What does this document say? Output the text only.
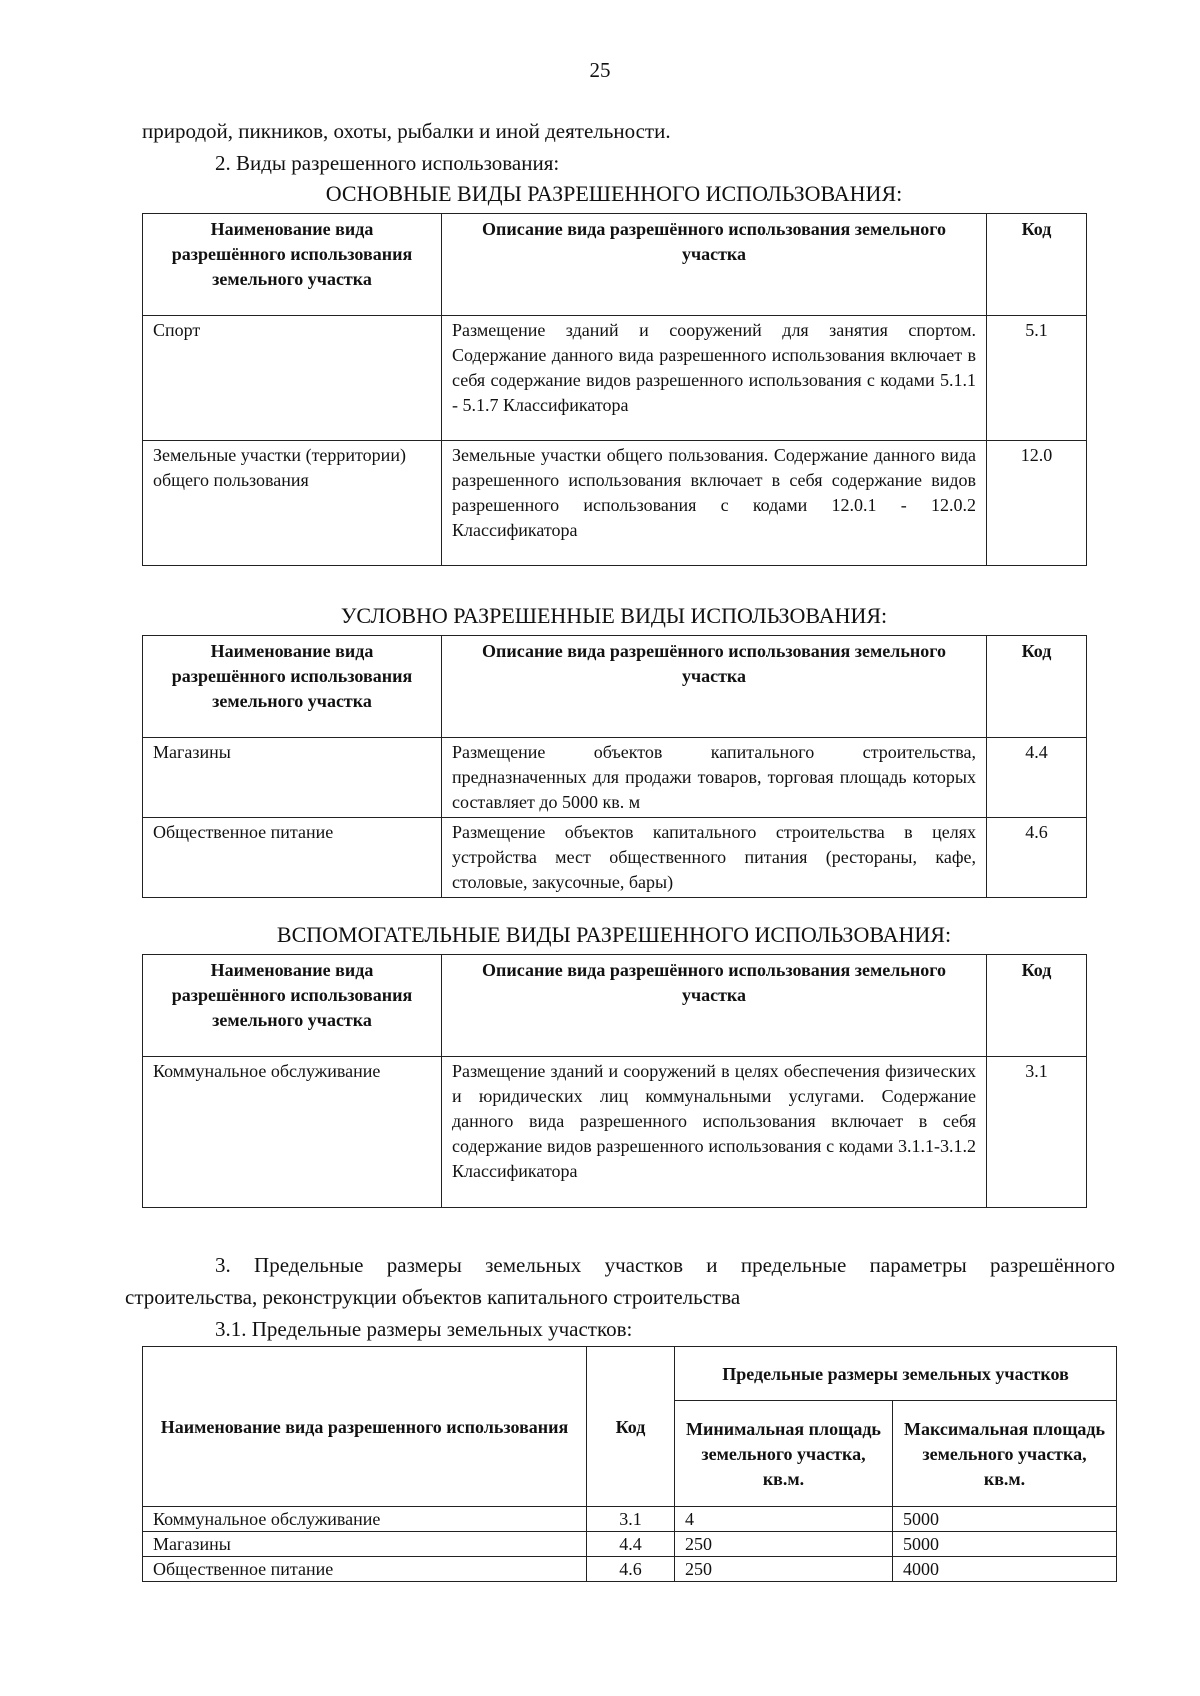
25
природой, пикников, охоты, рыбалки и иной деятельности.
2. Виды разрешенного использования:
ОСНОВНЫЕ ВИДЫ РАЗРЕШЕННОГО ИСПОЛЬЗОВАНИЯ:
Наименование вида разрешённого использования земельного участка	Описание вида разрешённого использования земельного участка	Код
Спорт	Размещение зданий и сооружений для занятия спортом. Содержание данного вида разрешенного использования включает в себя содержание видов разрешенного использования с кодами 5.1.1 - 5.1.7 Классификатора	5.1
Земельные участки (территории) общего пользования	Земельные участки общего пользования. Содержание данного вида разрешенного использования включает в себя содержание видов разрешенного использования с кодами 12.0.1 - 12.0.2 Классификатора	12.0
УСЛОВНО РАЗРЕШЕННЫЕ ВИДЫ ИСПОЛЬЗОВАНИЯ:
Наименование вида разрешённого использования земельного участка	Описание вида разрешённого использования земельного участка	Код
Магазины	Размещение объектов капитального строительства, предназначенных для продажи товаров, торговая площадь которых составляет до 5000 кв. м	4.4
Общественное питание	Размещение объектов капитального строительства в целях устройства мест общественного питания (рестораны, кафе, столовые, закусочные, бары)	4.6
ВСПОМОГАТЕЛЬНЫЕ ВИДЫ РАЗРЕШЕННОГО ИСПОЛЬЗОВАНИЯ:
Наименование вида разрешённого использования земельного участка	Описание вида разрешённого использования земельного участка	Код
Коммунальное обслуживание	Размещение зданий и сооружений в целях обеспечения физических и юридических лиц коммунальными услугами. Содержание данного вида разрешенного использования включает в себя содержание видов разрешенного использования с кодами 3.1.1-3.1.2 Классификатора	3.1
3. Предельные размеры земельных участков и предельные параметры разрешённого
строительства, реконструкции объектов капитального строительства
3.1. Предельные размеры земельных участков:
Наименование вида разрешенного использования	Код	Предельные размеры земельных участков	
		Минимальная площадь земельного участка, кв.м.	Максимальная площадь земельного участка, кв.м.
Коммунальное обслуживание	3.1	4	5000
Магазины	4.4	250	5000
Общественное питание	4.6	250	4000
